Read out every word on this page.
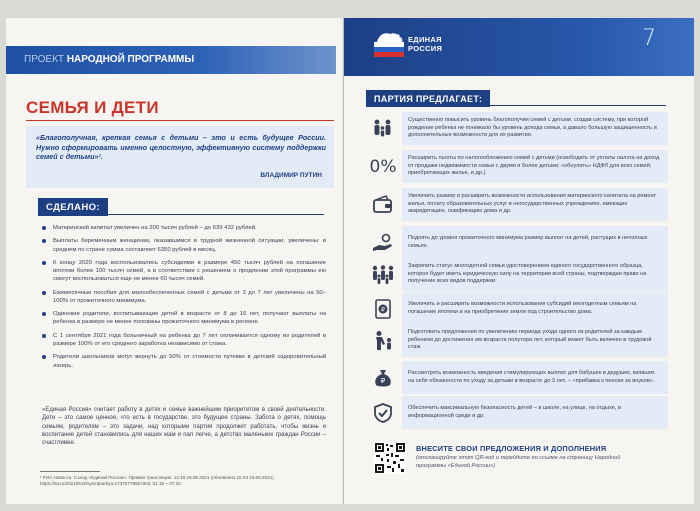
ПРОЕКТ НАРОДНОЙ ПРОГРАММЫ
СЕМЬЯ И ДЕТИ
«Благополучная, крепкая семья с детьми – это и есть будущее России. Нужно сформировать именно целостную, эффективную систему поддержки семей с детьми»¹.
ВЛАДИМИР ПУТИН
СДЕЛАНО:
Материнский капитал увеличен на 200 тысяч рублей – до 639 432 рублей.
Выплаты беременным женщинам, оказавшимся в трудной жизненной ситуации, увеличены: в среднем по стране сумма составляет 6350 рублей в месяц.
К концу 2020 года воспользовались субсидиями в размере 450 тысяч рублей на погашение ипотеки более 100 тысяч семей, а в соответствии с решением о продлении этой программы ею смогут воспользоваться еще не менее 60 тысяч семей.
Ежемесячные пособия для малообеспеченных семей с детьми от 3 до 7 лет увеличены на 50–100% от прожиточного минимума.
Одинокие родители, воспитывающие детей в возрасте от 8 до 16 лет, получают выплаты на ребенка в размере не менее половины прожиточного минимума в регионе.
С 1 сентября 2021 года больничный на ребенка до 7 лет оплачивается одному из родителей в размере 100% от его среднего заработка независимо от стажа.
Родители школьников могут вернуть до 50% от стоимости путевки в детский оздоровительный лагерь.
«Единая Россия» считает работу в детях и семье важнейшим приоритетом в своей деятельности. Дети – это самое ценное, что есть в государстве, это будущее страны. Забота о детях, помощь семьям, родителям – это задачи, над которыми партия продолжит работать, чтобы жизнь и воспитание детей становились для наших мам и пап легче, а детство маленьких граждан России – счастливее.
¹ РИА Новости. Съезд «Единой России». Прямая трансляция. 14:19 19.06.2021 (обновлено 15:43 19.06.2021) https://ria.ru/20210619/syezdpartiya-1737677855.html, 01:15 – 07:20
ЕДИНАЯ
РОССИЯ	7
ПАРТИЯ ПРЕДЛАГАЕТ:
Существенно повысить уровень благополучия семей с детьми, создав систему, при которой рождение ребенка не понижало бы уровень дохода семьи, а давало большую защищенность и дополнительные возможности для их развития.
0%	Расширить льготы по налогообложению семей с детьми (освободить от уплаты налога на доход от продажи недвижимости семьи с двумя и более детьми; «обнулить» НДФЛ для всех семей, приобретающих жилье, и др.).
Увеличить размер и расширить возможности использования материнского капитала на ремонт жилья, оплату образовательных услуг в негосударственных учреждениях, имеющих аккредитацию, газификацию дома и др.
Поднять до уровня прожиточного минимума размер выплат на детей, растущих в неполных семьях.
Закрепить статус многодетной семьи удостоверением единого государственного образца, которое будет иметь юридическую силу на территории всей страны, подтверждая право на получение всех видов поддержки.
₽
Увеличить и расширить возможности использования субсидий многодетным семьям на погашение ипотеки и на приобретение земли под строительство дома.
Подготовить предложения по увеличению периода ухода одного из родителей за каждым ребенком до достижения им возраста полутора лет, который может быть включен в трудовой стаж.
₽
Рассмотреть возможность введения стимулирующих выплат для бабушек и дедушек, взявших на себя обязанности по уходу за детьми в возрасте до 3 лет, – «прибавка к пенсии за внуков».
Обеспечить максимальную безопасность детей – в школе, на улице, на отдыхе, в информационной среде и др.
ВНЕСИТЕ СВОИ ПРЕДЛОЖЕНИЯ И ДОПОЛНЕНИЯ
(отсканируйте этот QR-код и перейдите по ссылке на страницу Народной программы «Единой России»)
